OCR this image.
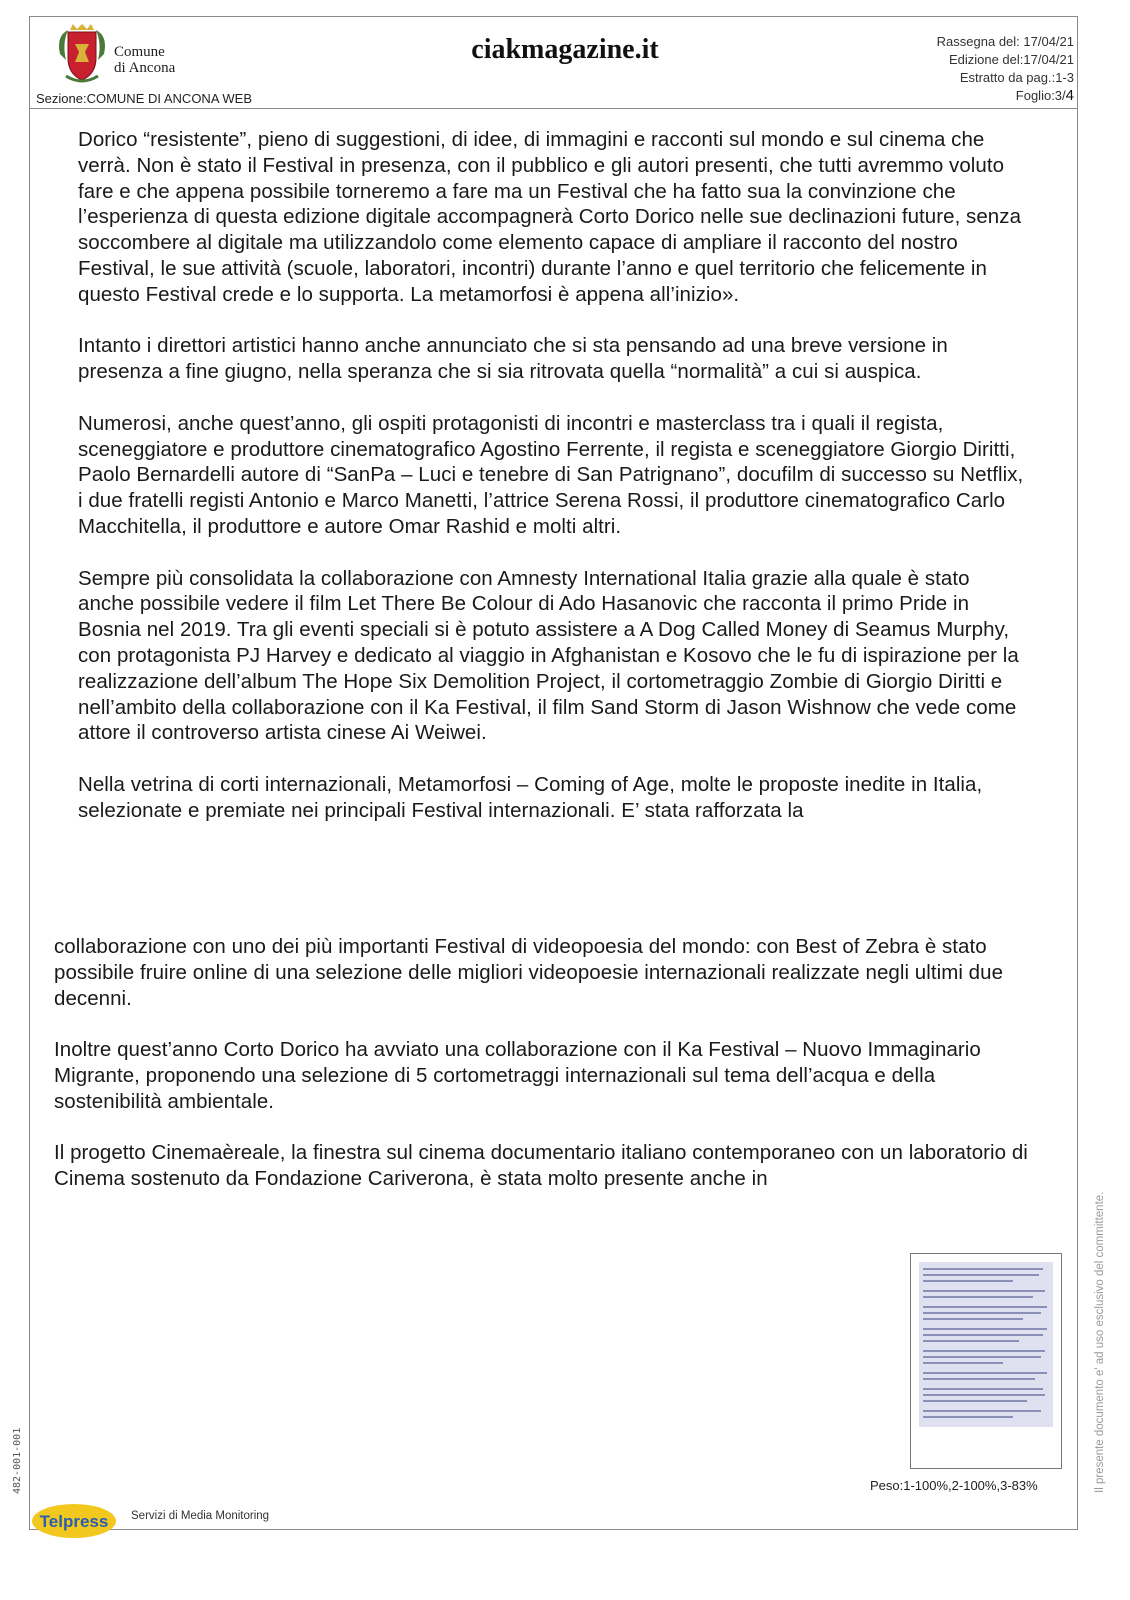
Comune
di Ancona
Sezione:COMUNE DI ANCONA WEB
ciakmagazine.it	Rassegna del: 17/04/21
Edizione del:17/04/21
Estratto da pag.:1-3
Foglio:3/4

Dorico “resistente”, pieno di suggestioni, di idee, di immagini e racconti sul mondo e sul cinema che verrà. Non è stato il Festival in presenza, con il pubblico e gli autori presenti, che tutti avremmo voluto fare e che appena possibile torneremo a fare ma un Festival che ha fatto sua la convinzione che l’esperienza di questa edizione digitale accompagnerà Corto Dorico nelle sue declinazioni future, senza soccombere al digitale ma utilizzandolo come elemento capace di ampliare il racconto del nostro Festival, le sue attività (scuole, laboratori, incontri) durante l’anno e quel territorio che felicemente in questo Festival crede e lo supporta. La metamorfosi è appena all’inizio».

Intanto i direttori artistici hanno anche annunciato che si sta pensando ad una breve versione in presenza a fine giugno, nella speranza che si sia ritrovata quella “normalità” a cui si auspica.

Numerosi, anche quest’anno, gli ospiti protagonisti di incontri e masterclass tra i quali il regista, sceneggiatore e produttore cinematografico Agostino Ferrente, il regista e sceneggiatore Giorgio Diritti, Paolo Bernardelli autore di “SanPa – Luci e tenebre di San Patrignano”, docufilm di successo su Netflix, i due fratelli registi Antonio e Marco Manetti, l’attrice Serena Rossi, il produttore cinematografico Carlo Macchitella, il produttore e autore Omar Rashid e molti altri.

Sempre più consolidata la collaborazione con Amnesty International Italia grazie alla quale è stato anche possibile vedere il film Let There Be Colour di Ado Hasanovic che racconta il primo Pride in Bosnia nel 2019. Tra gli eventi speciali si è potuto assistere a A Dog Called Money di Seamus Murphy, con protagonista PJ Harvey e dedicato al viaggio in Afghanistan e Kosovo che le fu di ispirazione per la realizzazione dell’album The Hope Six Demolition Project, il cortometraggio Zombie di Giorgio Diritti e nell’ambito della collaborazione con il Ka Festival, il film Sand Storm di Jason Wishnow che vede come attore il controverso artista cinese Ai Weiwei.

Nella vetrina di corti internazionali, Metamorfosi – Coming of Age, molte le proposte inedite in Italia, selezionate e premiate nei principali Festival internazionali. E’ stata rafforzata la

collaborazione con uno dei più importanti Festival di videopoesia del mondo: con Best of Zebra è stato possibile fruire online di una selezione delle migliori videopoesie internazionali realizzate negli ultimi due decenni.

Inoltre quest’anno Corto Dorico ha avviato una collaborazione con il Ka Festival – Nuovo Immaginario Migrante, proponendo una selezione di 5 cortometraggi internazionali sul tema dell’acqua e della sostenibilità ambientale.

Il progetto Cinemaèreale, la finestra sul cinema documentario italiano contemporaneo con un laboratorio di Cinema sostenuto da Fondazione Cariverona, è stata molto presente anche in

Peso:1-100%,2-100%,3-83%	Il presente documento e' ad uso esclusivo del committente.
482-001-001
Telpress Servizi di Media Monitoring
